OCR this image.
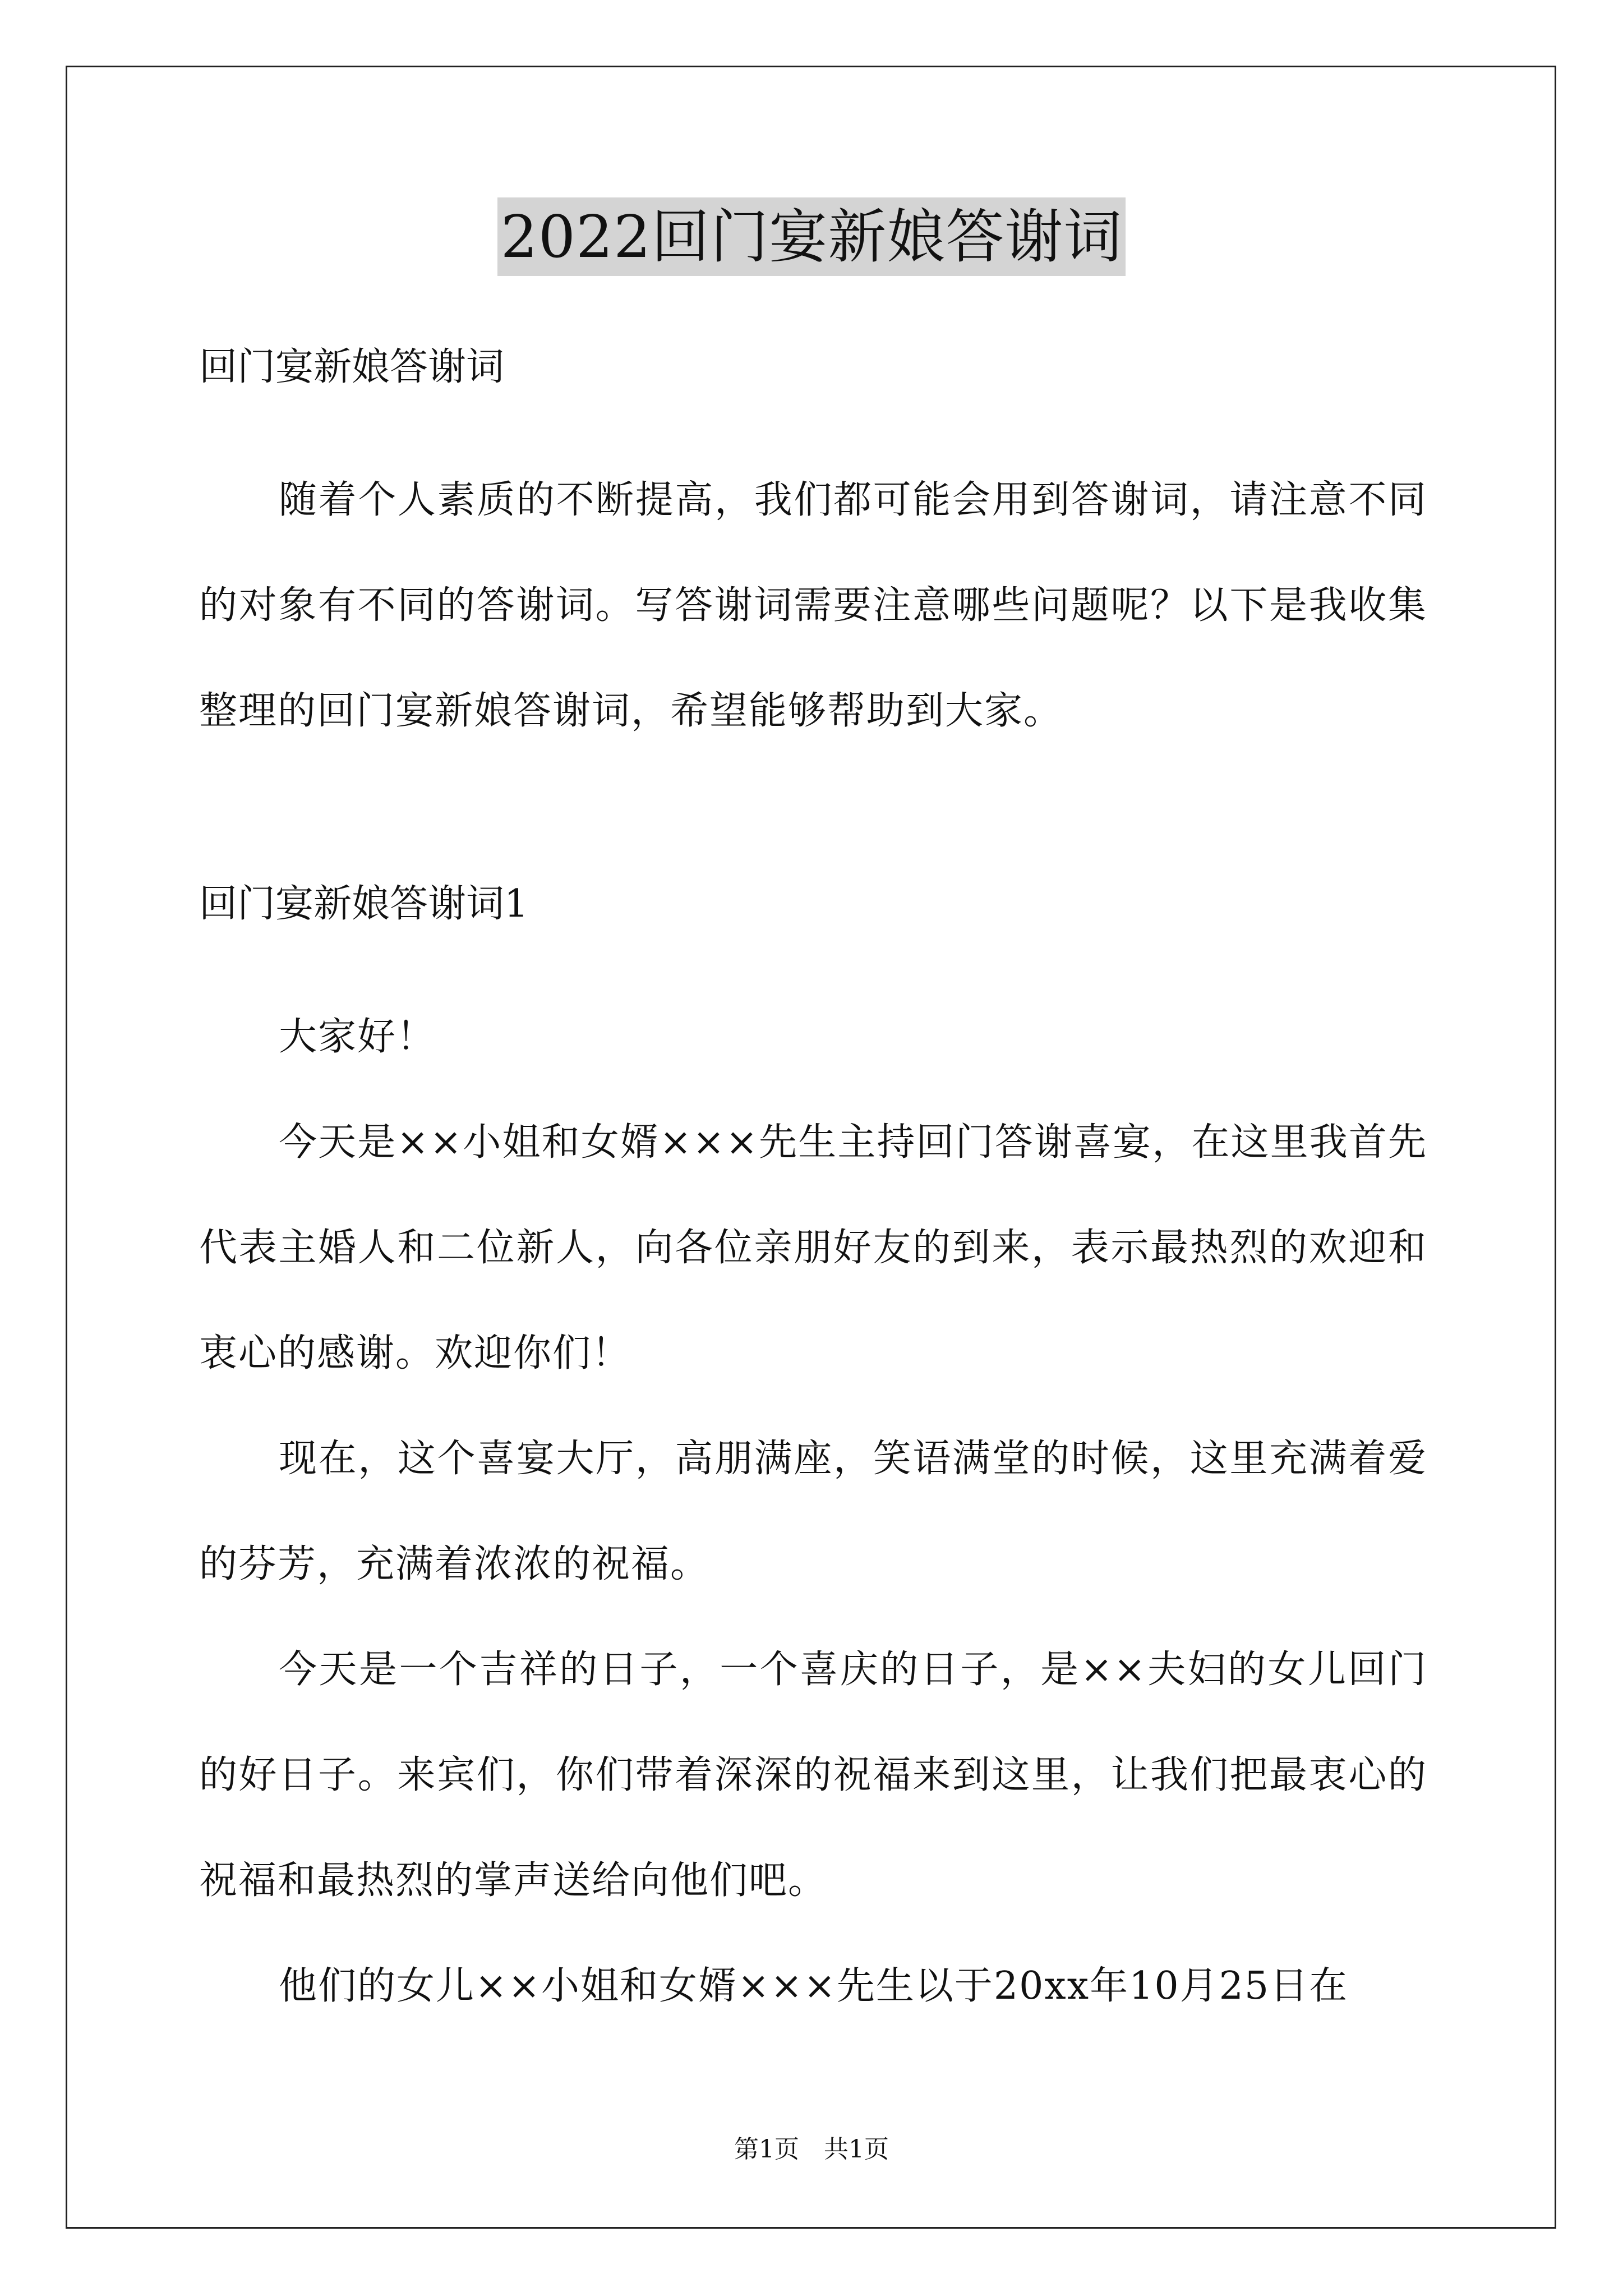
2022回门宴新娘答谢词

回门宴新娘答谢词

随着个人素质的不断提高，我们都可能会用到答谢词，请注意不同的对象有不同的答谢词。写答谢词需要注意哪些问题呢？以下是我收集整理的回门宴新娘答谢词，希望能够帮助到大家。

回门宴新娘答谢词1

大家好！

今天是××小姐和女婿×××先生主持回门答谢喜宴，在这里我首先代表主婚人和二位新人，向各位亲朋好友的到来，表示最热烈的欢迎和衷心的感谢。欢迎你们！

现在，这个喜宴大厅，高朋满座，笑语满堂的时候，这里充满着爱的芬芳，充满着浓浓的祝福。

今天是一个吉祥的日子，一个喜庆的日子，是××夫妇的女儿回门的好日子。来宾们，你们带着深深的祝福来到这里，让我们把最衷心的祝福和最热烈的掌声送给向他们吧。

他们的女儿××小姐和女婿×××先生以于20xx年10月25日在

第1页　共1页
